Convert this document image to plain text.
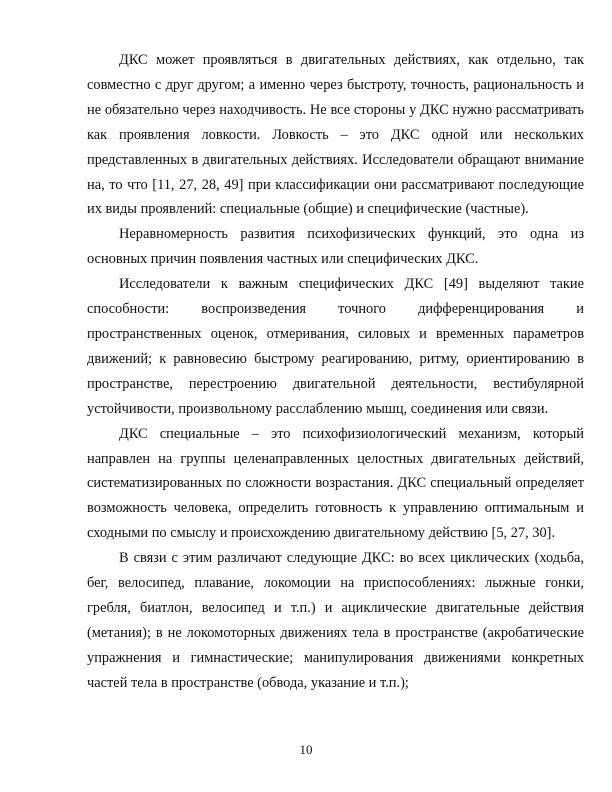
ДКС может проявляться в двигательных действиях, как отдельно, так совместно с друг другом; а именно через быстроту, точность, рациональность и не обязательно через находчивость. Не все стороны у ДКС нужно рассматривать как проявления ловкости. Ловкость – это ДКС одной или нескольких представленных в двигательных действиях. Исследователи обращают внимание на, то что [11, 27, 28, 49] при классификации они рассматривают последующие их виды проявлений: специальные (общие) и специфические (частные).

Неравномерность развития психофизических функций, это одна из основных причин появления частных или специфических ДКС.

Исследователи к важным специфических ДКС [49] выделяют такие способности: воспроизведения точного дифференцирования и пространственных оценок, отмеривания, силовых и временных параметров движений; к равновесию быстрому реагированию, ритму, ориентированию в пространстве, перестроению двигательной деятельности, вестибулярной устойчивости, произвольному расслаблению мышц, соединения или связи.

ДКС специальные – это психофизиологический механизм, который направлен на группы целенаправленных целостных двигательных действий, систематизированных по сложности возрастания. ДКС специальный определяет возможность человека, определить готовность к управлению оптимальным и сходными по смыслу и происхождению двигательному действию [5, 27, 30].

В связи с этим различают следующие ДКС: во всех циклических (ходьба, бег, велосипед, плавание, локомоции на приспособлениях: лыжные гонки, гребля, биатлон, велосипед и т.п.) и ациклические двигательные действия (метания); в не локомоторных движениях тела в пространстве (акробатические упражнения и гимнастические; манипулирования движениями конкретных частей тела в пространстве (обвода, указание и т.п.);

10
